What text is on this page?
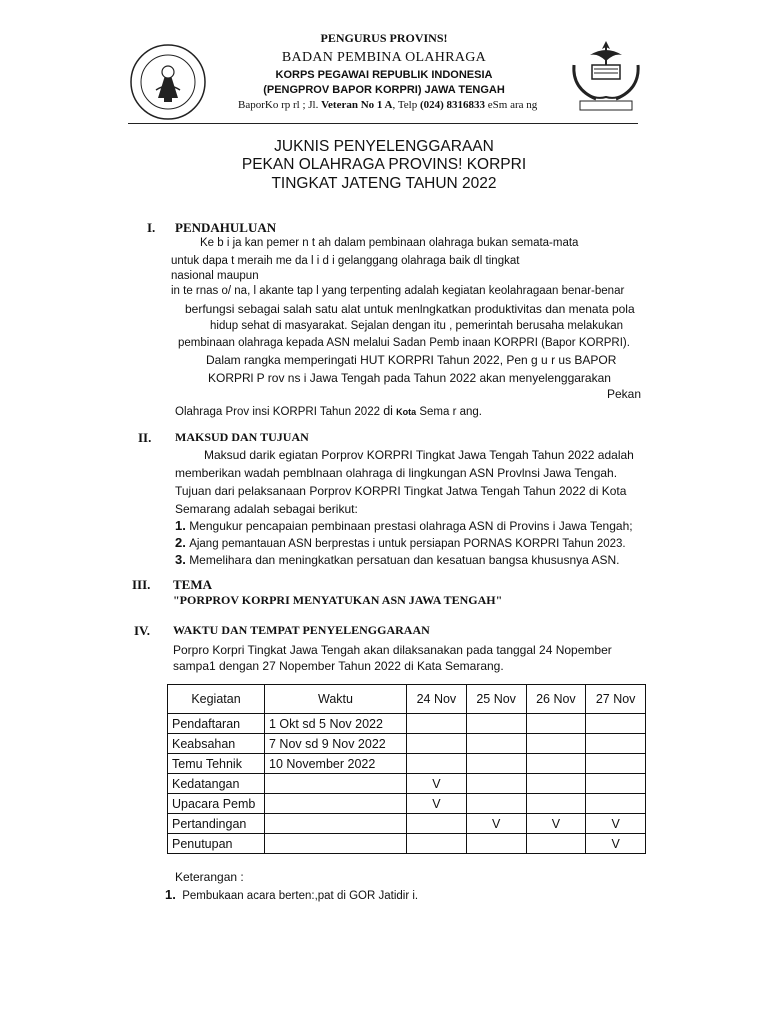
PENGURUS PROVINS!
BADAN PEMBINA OLAHRAGA
KORPS PEGAWAI REPUBLIK INDONESIA
(PENGPROV BAPOR KORPRI) JAWA TENGAH
BaporKo rp rl ; Jl. Veteran No 1 A, Telp (024) 8316833 eSm ara ng
JUKNIS PENYELENGGARAAN
PEKAN OLAHRAGA PROVINS! KORPRI
TINGKAT JATENG TAHUN 2022
I. PENDAHULUAN
Ke b i ja kan pemer n t ah dalam pembinaan olahraga bukan semata-mata
untuk dapa t meraih me da l i d i gelanggang olahraga baik dl tingkat
nasional maupun
in te rnas o/ na, l akante tap l yang terpenting adalah kegiatan keolahragaan benar-benar
berfungsi sebagai salah satu alat untuk menlngkatkan produktivitas dan menata pola
hidup sehat di masyarakat. Sejalan dengan itu , pemerintah berusaha melakukan
pembinaan olahraga kepada ASN melalui Sadan Pemb inaan KORPRI (Bapor KORPRI).
Dalam rangka memperingati HUT KORPRI Tahun 2022, Pen g u r us BAPOR
KORPRl P rov ns i Jawa Tengah pada Tahun 2022 akan menyelenggarakan
Pekan
Olahraga Prov insi KORPRI Tahun 2022 di Kota Sema r ang.
II. MAKSUD DAN TUJUAN
Maksud darik egiatan Porprov KORPRI Tingkat Jawa Tengah Tahun 2022 adalah
memberikan wadah pemblnaan olahraga di lingkungan ASN Provlnsi Jawa Tengah.
Tujuan dari pelaksanaan Porprov KORPRI Tingkat Jatwa Tengah Tahun 2022 di Kota
Semarang adalah sebagai berikut:
1. Mengukur pencapaian pembinaan prestasi olahraga ASN di Provins i Jawa Tengah;
2. Ajang pemantauan ASN berprestas i untuk persiapan PORNAS KORPRI Tahun 2023.
3. Memelihara dan meningkatkan persatuan dan kesatuan bangsa khususnya ASN.
III. TEMA
"PORPROV KORPRI MENYATUKAN ASN JAWA TENGAH"
IV. WAKTU DAN TEMPAT PENYELENGGARAAN
Porpro Korpri Tingkat Jawa Tengah akan dilaksanakan pada tanggal 24 Nopember
sampa1 dengan 27 Nopember Tahun 2022 di Kata Semarang.
Kegiatan	Waktu	24 Nov	25 Nov	26 Nov	27 Nov
Pendaftaran	1 Okt sd 5 Nov 2022				
Keabsahan	7 Nov sd 9 Nov 2022				
Temu Tehnik	10 November 2022				
Kedatangan		V			
Upacara Pemb		V			
Pertandingan			V	V	V
Penutupan					V
Keterangan :
1. Pembukaan acara berten:,pat di GOR Jatidir i.
